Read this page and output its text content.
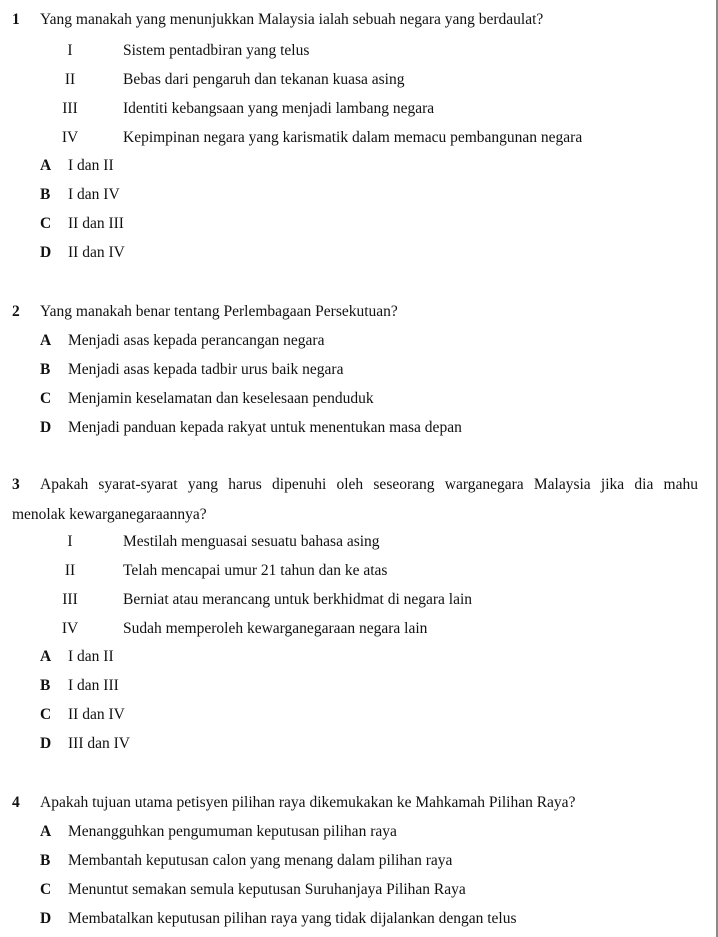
1 Yang manakah yang menunjukkan Malaysia ialah sebuah negara yang berdaulat?
I	Sistem pentadbiran yang telus
II	Bebas dari pengaruh dan tekanan kuasa asing
III	Identiti kebangsaan yang menjadi lambang negara
IV	Kepimpinan negara yang karismatik dalam memacu pembangunan negara
A I dan II
B I dan IV
C II dan III
D II dan IV
2 Yang manakah benar tentang Perlembagaan Persekutuan?
A Menjadi asas kepada perancangan negara
B Menjadi asas kepada tadbir urus baik negara
C Menjamin keselamatan dan keselesaan penduduk
D Menjadi panduan kepada rakyat untuk menentukan masa depan
3 Apakah syarat-syarat yang harus dipenuhi oleh seseorang warganegara Malaysia jika dia mahu
menolak kewarganegaraannya?
I	Mestilah menguasai sesuatu bahasa asing
II	Telah mencapai umur 21 tahun dan ke atas
III	Berniat atau merancang untuk berkhidmat di negara lain
IV	Sudah memperoleh kewarganegaraan negara lain
A I dan II
B I dan III
C II dan IV
D III dan IV
4 Apakah tujuan utama petisyen pilihan raya dikemukakan ke Mahkamah Pilihan Raya?
A Menangguhkan pengumuman keputusan pilihan raya
B Membantah keputusan calon yang menang dalam pilihan raya
C Menuntut semakan semula keputusan Suruhanjaya Pilihan Raya
D Membatalkan keputusan pilihan raya yang tidak dijalankan dengan telus
